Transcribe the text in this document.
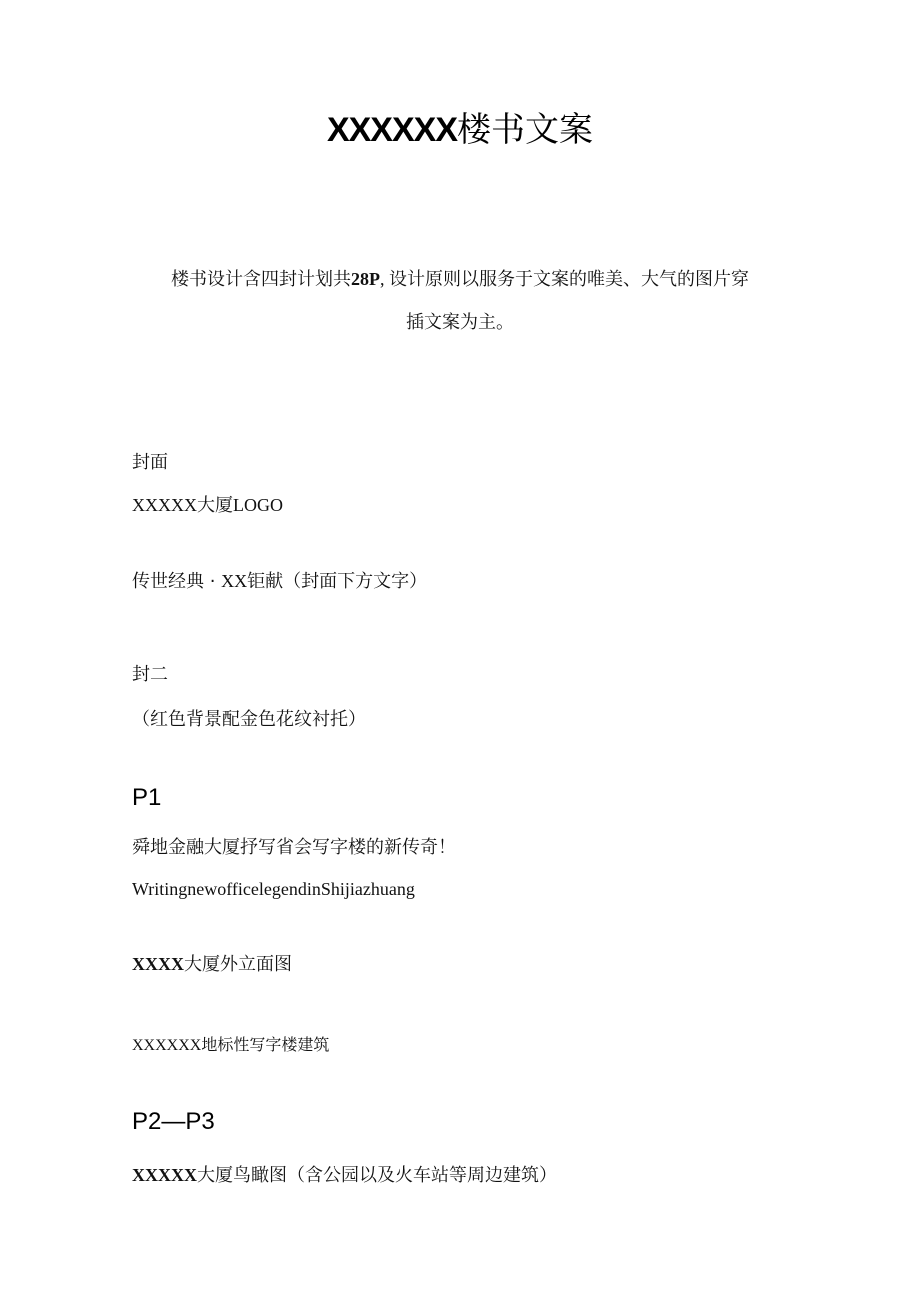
XXXXXX楼书文案
楼书设计含四封计划共28P, 设计原则以服务于文案的唯美、大气的图片穿
插文案为主。
封面
XXXXX大厦LOGO
传世经典 · XX钜献（封面下方文字）
封二
（红色背景配金色花纹衬托）
P1
舜地金融大厦抒写省会写字楼的新传奇！
WritingnewofficelegendinShijiazhuang
XXXX大厦外立面图
XXXXXX地标性写字楼建筑
P2—P3
XXXXX大厦鸟瞰图（含公园以及火车站等周边建筑）
